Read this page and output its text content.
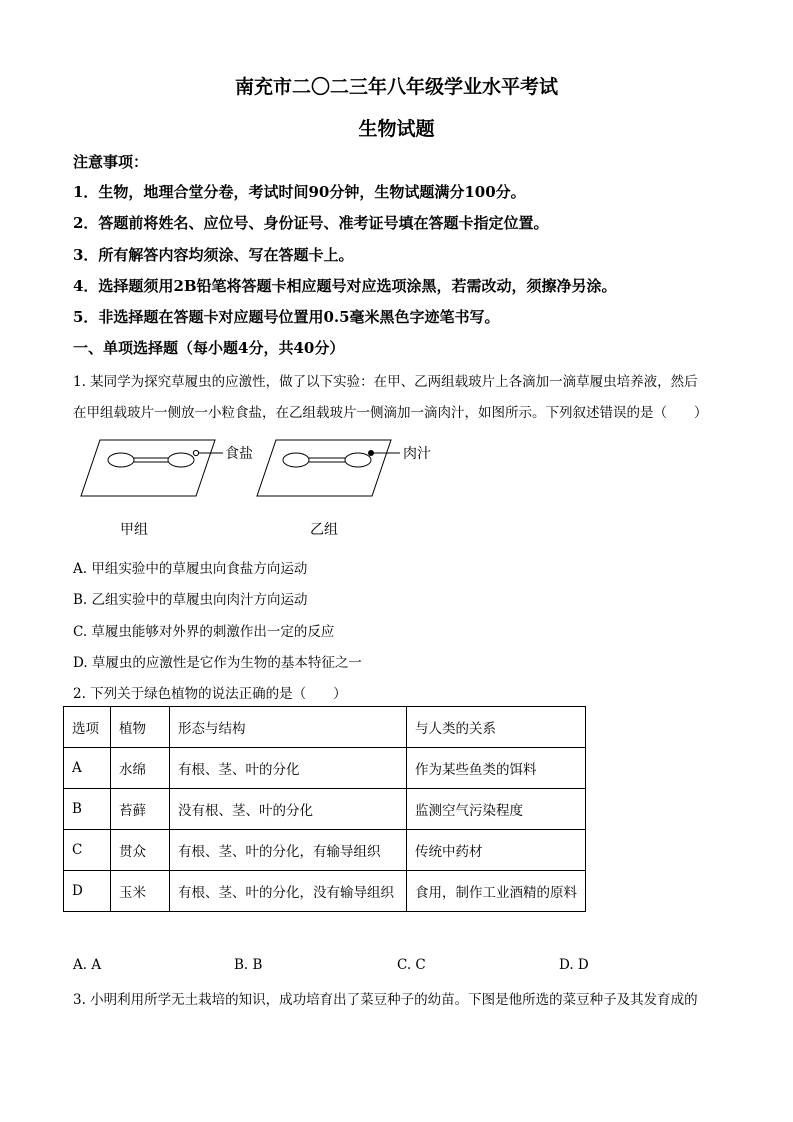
南充市二〇二三年八年级学业水平考试
生物试题
注意事项：
1．生物，地理合堂分卷，考试时间90分钟，生物试题满分100分。
2．答题前将姓名、应位号、身份证号、准考证号填在答题卡指定位置。
3．所有解答内容均须涂、写在答题卡上。
4．选择题须用2B铅笔将答题卡相应题号对应选项涂黑，若需改动，须擦净另涂。
5．非选择题在答题卡对应题号位置用0.5毫米黑色字迹笔书写。
一、单项选择题（每小题4分，共40分）
1. 某同学为探究草履虫的应激性，做了以下实验：在甲、乙两组载玻片上各滴加一滴草履虫培养液，然后
在甲组载玻片一侧放一小粒食盐，在乙组载玻片一侧滴加一滴肉汁，如图所示。下列叙述错误的是（　　）
食盐	肉汁
甲组	乙组
A. 甲组实验中的草履虫向食盐方向运动
B. 乙组实验中的草履虫向肉汁方向运动
C. 草履虫能够对外界的刺激作出一定的反应
D. 草履虫的应激性是它作为生物的基本特征之一
2. 下列关于绿色植物的说法正确的是（　　）
选项	植物	形态与结构	与人类的关系
A	水绵	有根、茎、叶的分化	作为某些鱼类的饵料
B	苔藓	没有根、茎、叶的分化	监测空气污染程度
C	贯众	有根、茎、叶的分化，有输导组织	传统中药材
D	玉米	有根、茎、叶的分化，没有输导组织	食用，制作工业酒精的原料
A. A	B. B	C. C	D. D
3. 小明利用所学无土栽培的知识，成功培育出了菜豆种子的幼苗。下图是他所选的菜豆种子及其发育成的
